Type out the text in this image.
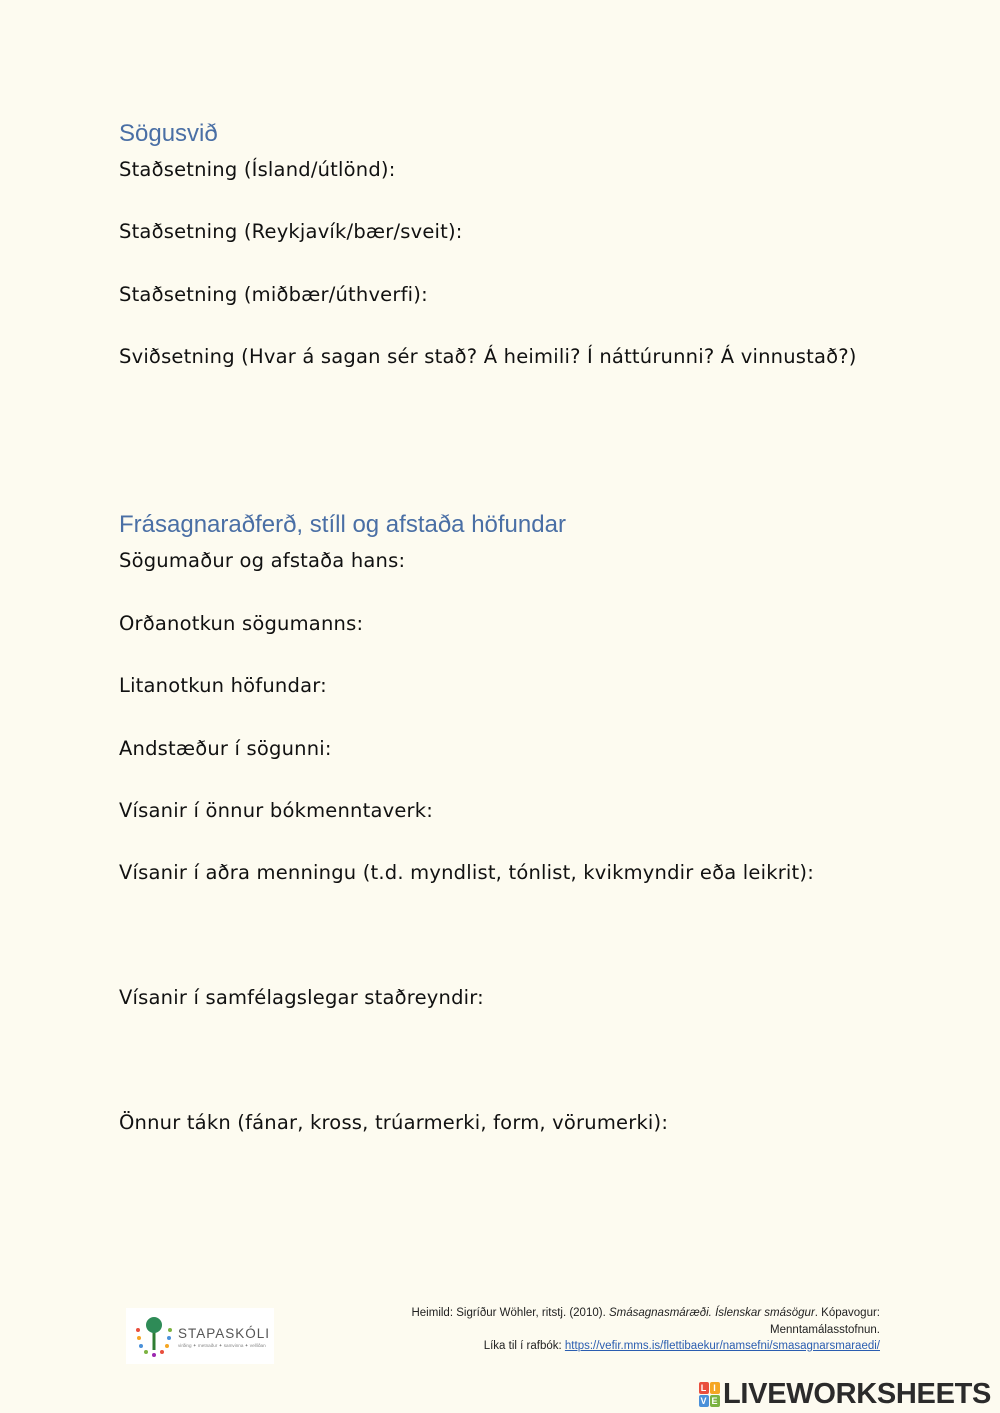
Sögusvið
Staðsetning (Ísland/útlönd):
Staðsetning (Reykjavík/bær/sveit):
Staðsetning (miðbær/úthverfi):
Sviðsetning (Hvar á sagan sér stað? Á heimili? Í náttúrunni? Á vinnustað?)
Frásagnaraðferð, stíll og afstaða höfundar
Sögumaður og afstaða hans:
Orðanotkun sögumanns:
Litanotkun höfundar:
Andstæður í sögunni:
Vísanir í önnur bókmenntaverk:
Vísanir í aðra menningu (t.d. myndlist, tónlist, kvikmyndir eða leikrit):
Vísanir í samfélagslegar staðreyndir:
Önnur tákn (fánar, kross, trúarmerki, form, vörumerki):
STAPASKÓLI
virðing ✦ metnaður ✦ samvinna ✦ vellíðan
Heimild: Sigríður Wöhler, ritstj. (2010). Smásagnasmáræði. Íslenskar smásögur. Kópavogur: Menntamálasstofnun.
Líka til í rafbók: https://vefir.mms.is/flettibaekur/namsefni/smasagnarsmaraedi/
L I
V E LIVEWORKSHEETS
